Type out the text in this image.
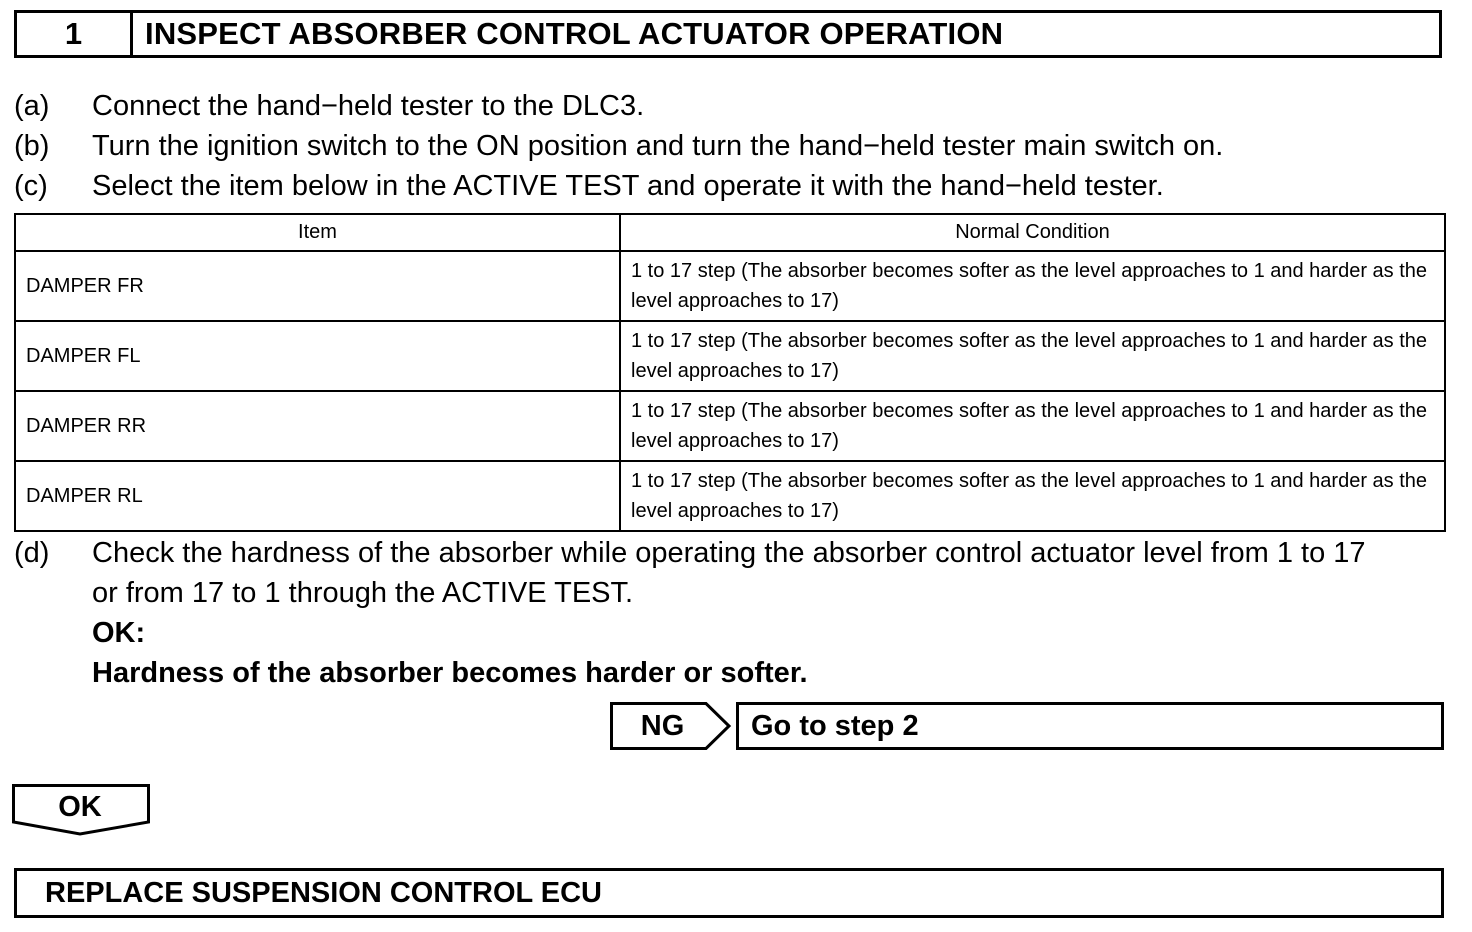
1	INSPECT ABSORBER CONTROL ACTUATOR OPERATION
(a) Connect the hand−held tester to the DLC3.
(b) Turn the ignition switch to the ON position and turn the hand−held tester main switch on.
(c) Select the item below in the ACTIVE TEST and operate it with the hand−held tester.
Item	Normal Condition
DAMPER FR	1 to 17 step (The absorber becomes softer as the level approaches to 1 and harder as the level approaches to 17)
DAMPER FL	1 to 17 step (The absorber becomes softer as the level approaches to 1 and harder as the level approaches to 17)
DAMPER RR	1 to 17 step (The absorber becomes softer as the level approaches to 1 and harder as the level approaches to 17)
DAMPER RL	1 to 17 step (The absorber becomes softer as the level approaches to 1 and harder as the level approaches to 17)
(d) Check the hardness of the absorber while operating the absorber control actuator level from 1 to 17
or from 17 to 1 through the ACTIVE TEST.
OK:
Hardness of the absorber becomes harder or softer.
NG	Go to step 2
OK
REPLACE SUSPENSION CONTROL ECU
